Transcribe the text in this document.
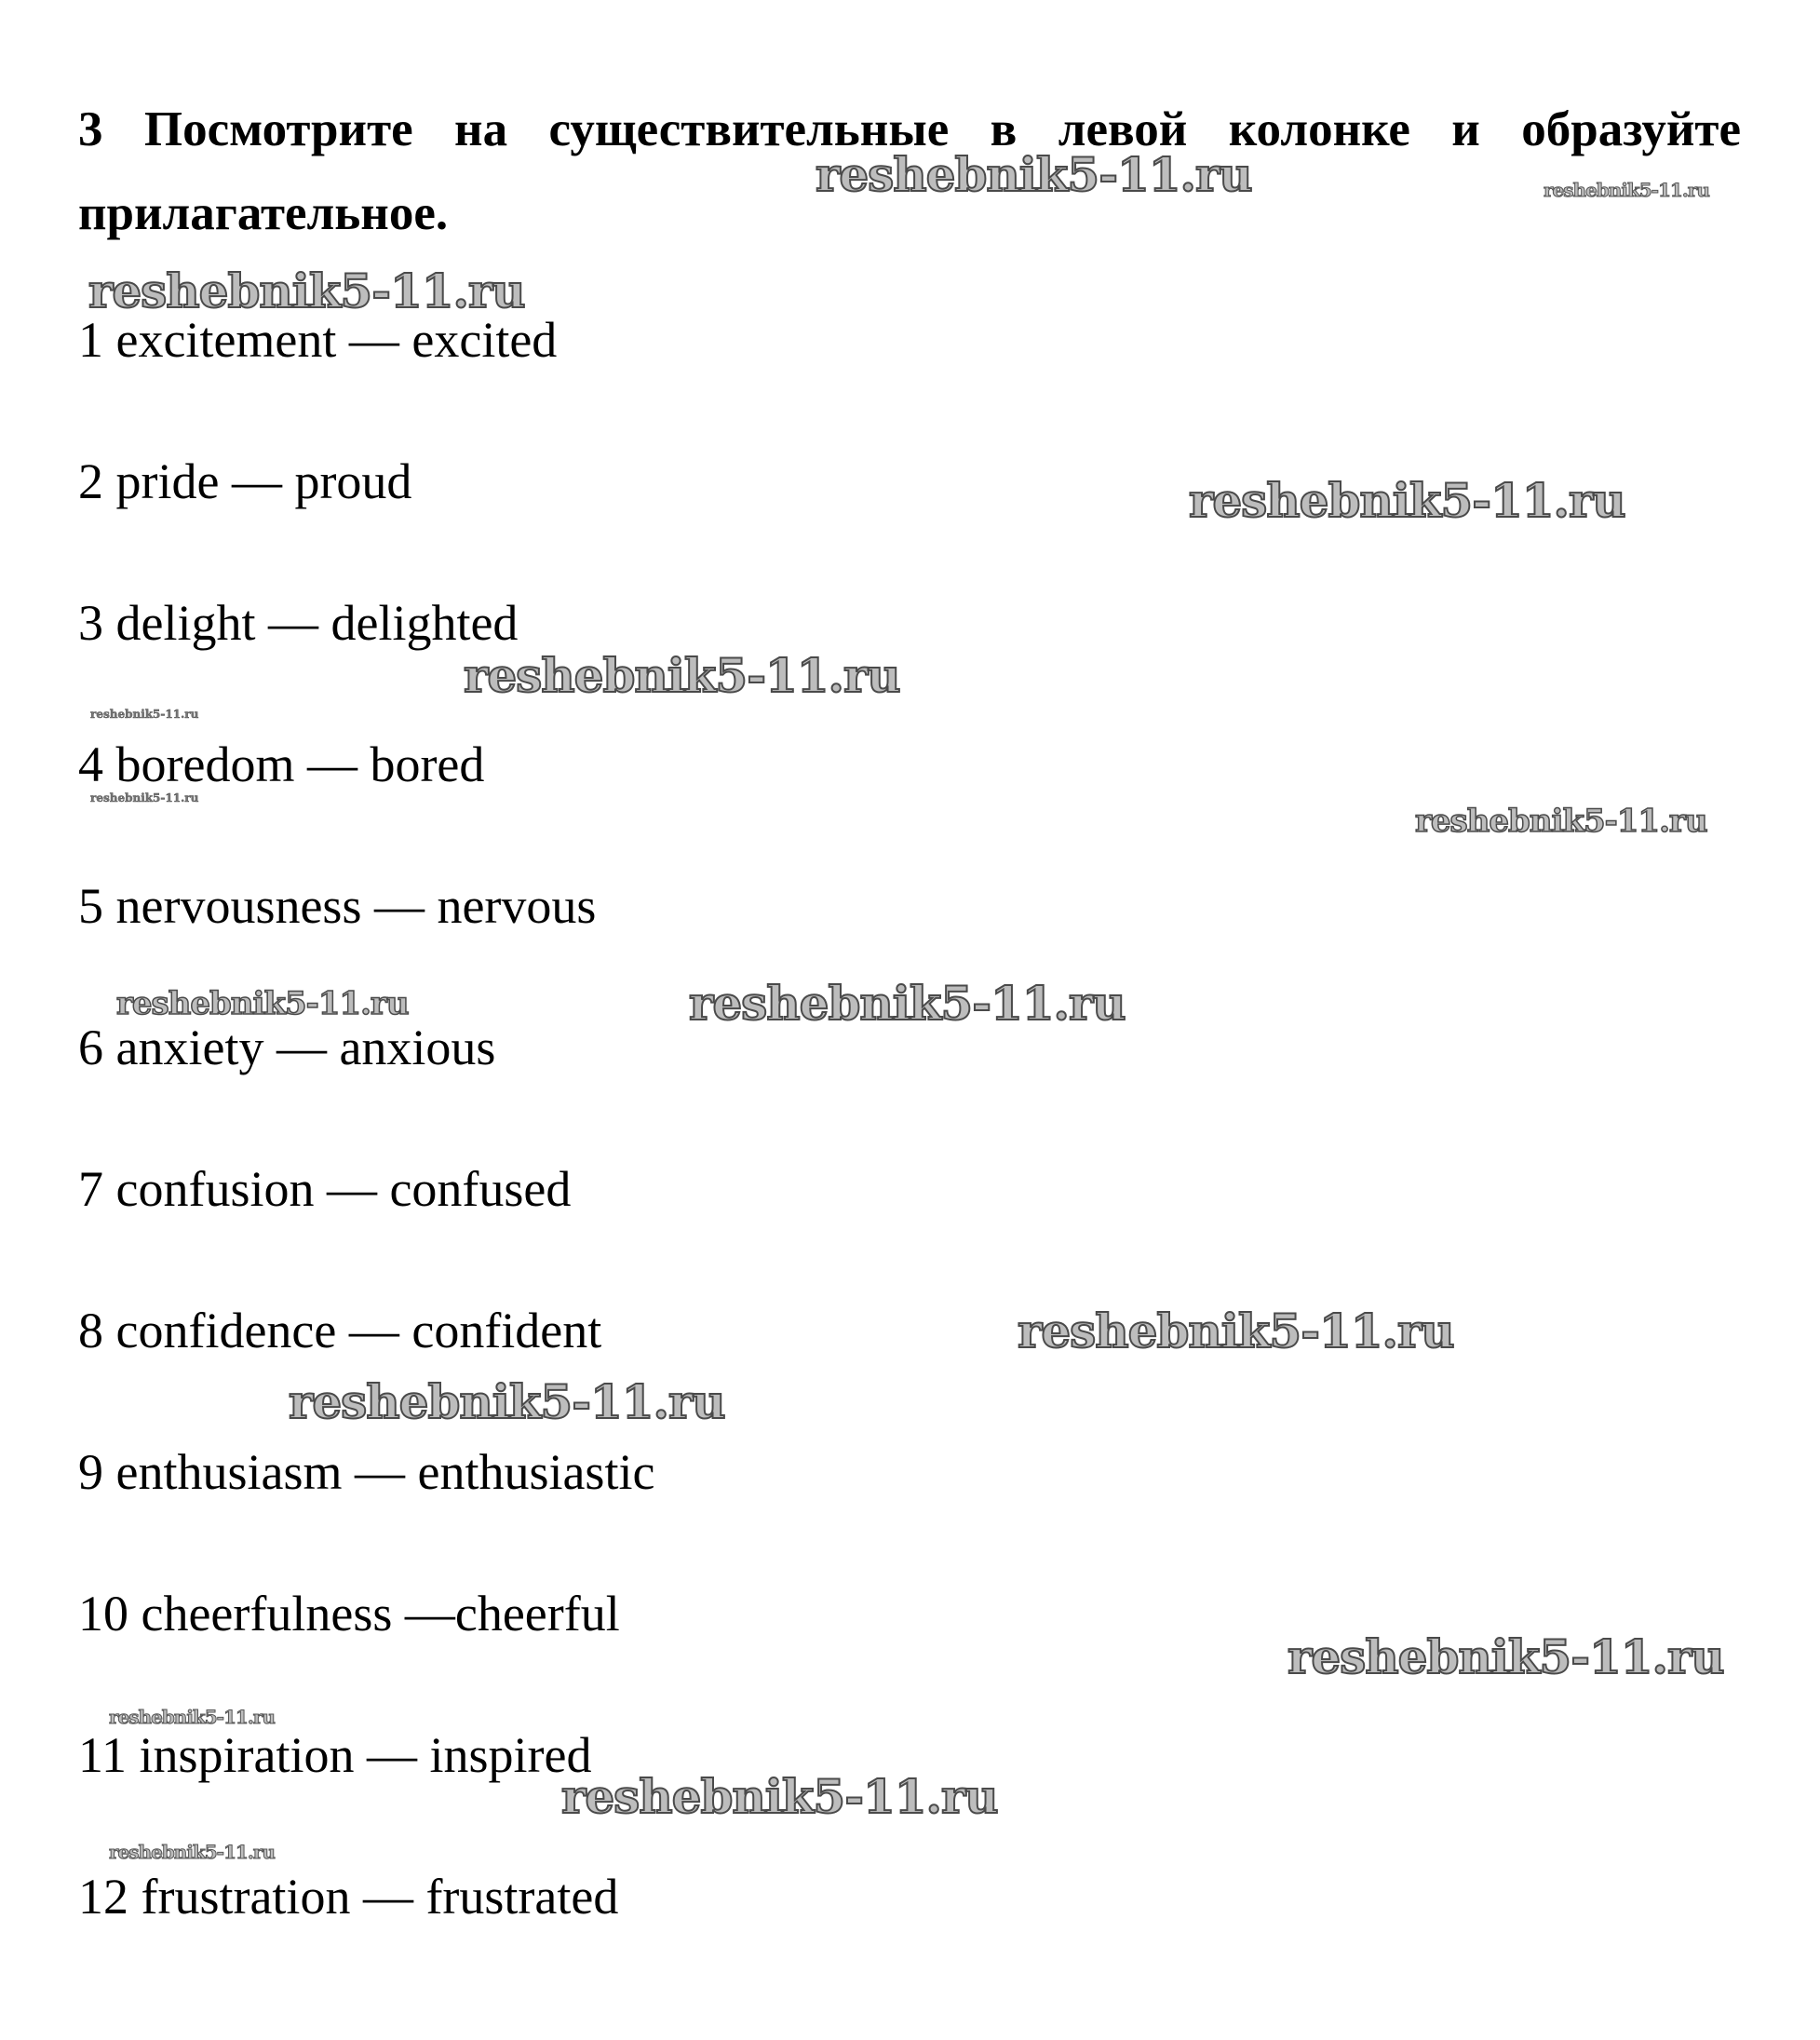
3 Посмотрите на существительные в левой колонке и образуйте прилагательное.

1 excitement — excited
2 pride — proud
3 delight — delighted
4 boredom — bored
5 nervousness — nervous
6 anxiety — anxious
7 confusion — confused
8 confidence — confident
9 enthusiasm — enthusiastic
10 cheerfulness —cheerful
11 inspiration — inspired
12 frustration — frustrated
reshebnik5-11.ru	reshebnik5-11.ru
reshebnik5-11.ru
reshebnik5-11.ru
reshebnik5-11.ru
reshebnik5-11.ru
reshebnik5-11.ru
reshebnik5-11.ru
reshebnik5-11.ru	reshebnik5-11.ru
reshebnik5-11.ru
reshebnik5-11.ru
reshebnik5-11.ru
reshebnik5-11.ru
reshebnik5-11.ru
reshebnik5-11.ru
